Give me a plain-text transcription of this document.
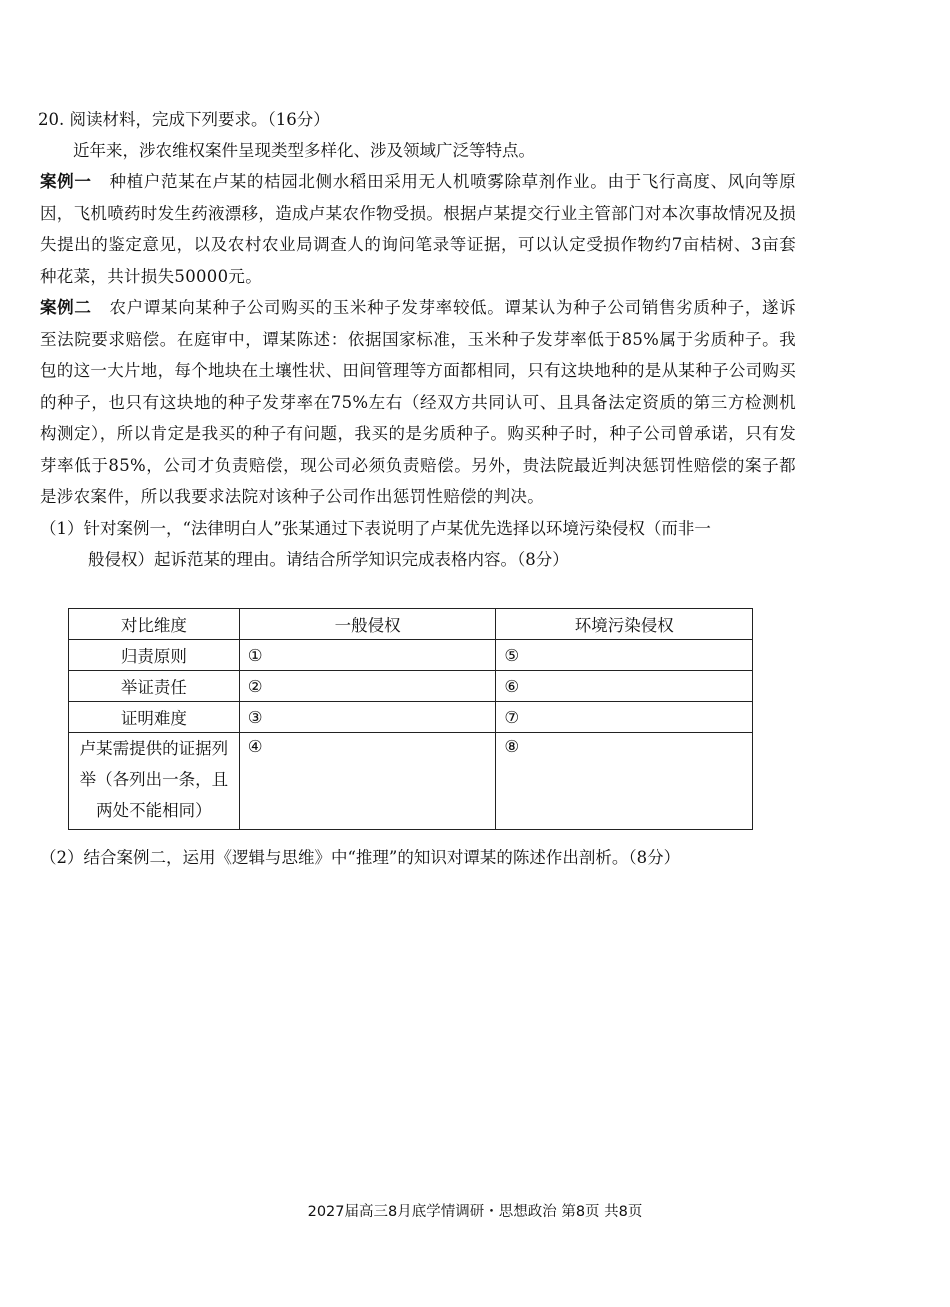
20. 阅读材料，完成下列要求。（16分）

近年来，涉农维权案件呈现类型多样化、涉及领域广泛等特点。

案例一 种植户范某在卢某的桔园北侧水稻田采用无人机喷雾除草剂作业。由于飞行高度、风向等原因，飞机喷药时发生药液漂移，造成卢某农作物受损。根据卢某提交行业主管部门对本次事故情况及损失提出的鉴定意见，以及农村农业局调查人的询问笔录等证据，可以认定受损作物约7亩桔树、3亩套种花菜，共计损失50000元。

案例二 农户谭某向某种子公司购买的玉米种子发芽率较低。谭某认为种子公司销售劣质种子，遂诉至法院要求赔偿。在庭审中，谭某陈述：依据国家标准，玉米种子发芽率低于85%属于劣质种子。我包的这一大片地，每个地块在土壤性状、田间管理等方面都相同，只有这块地种的是从某种子公司购买的种子，也只有这块地的种子发芽率在75%左右（经双方共同认可、且具备法定资质的第三方检测机构测定），所以肯定是我买的种子有问题，我买的是劣质种子。购买种子时，种子公司曾承诺，只有发芽率低于85%，公司才负责赔偿，现公司必须负责赔偿。另外，贵法院最近判决惩罚性赔偿的案子都是涉农案件，所以我要求法院对该种子公司作出惩罚性赔偿的判决。

（1）针对案例一，“法律明白人”张某通过下表说明了卢某优先选择以环境污染侵权（而非一

般侵权）起诉范某的理由。请结合所学知识完成表格内容。（8分）

对比维度	一般侵权	环境污染侵权
归责原则	①	⑤
举证责任	②	⑥
证明难度	③	⑦
卢某需提供的证据列举（各列出一条，且两处不能相同）	④	⑧

（2）结合案例二，运用《逻辑与思维》中“推理”的知识对谭某的陈述作出剖析。（8分）

2027届高三8月底学情调研・思想政治 第8页 共8页
